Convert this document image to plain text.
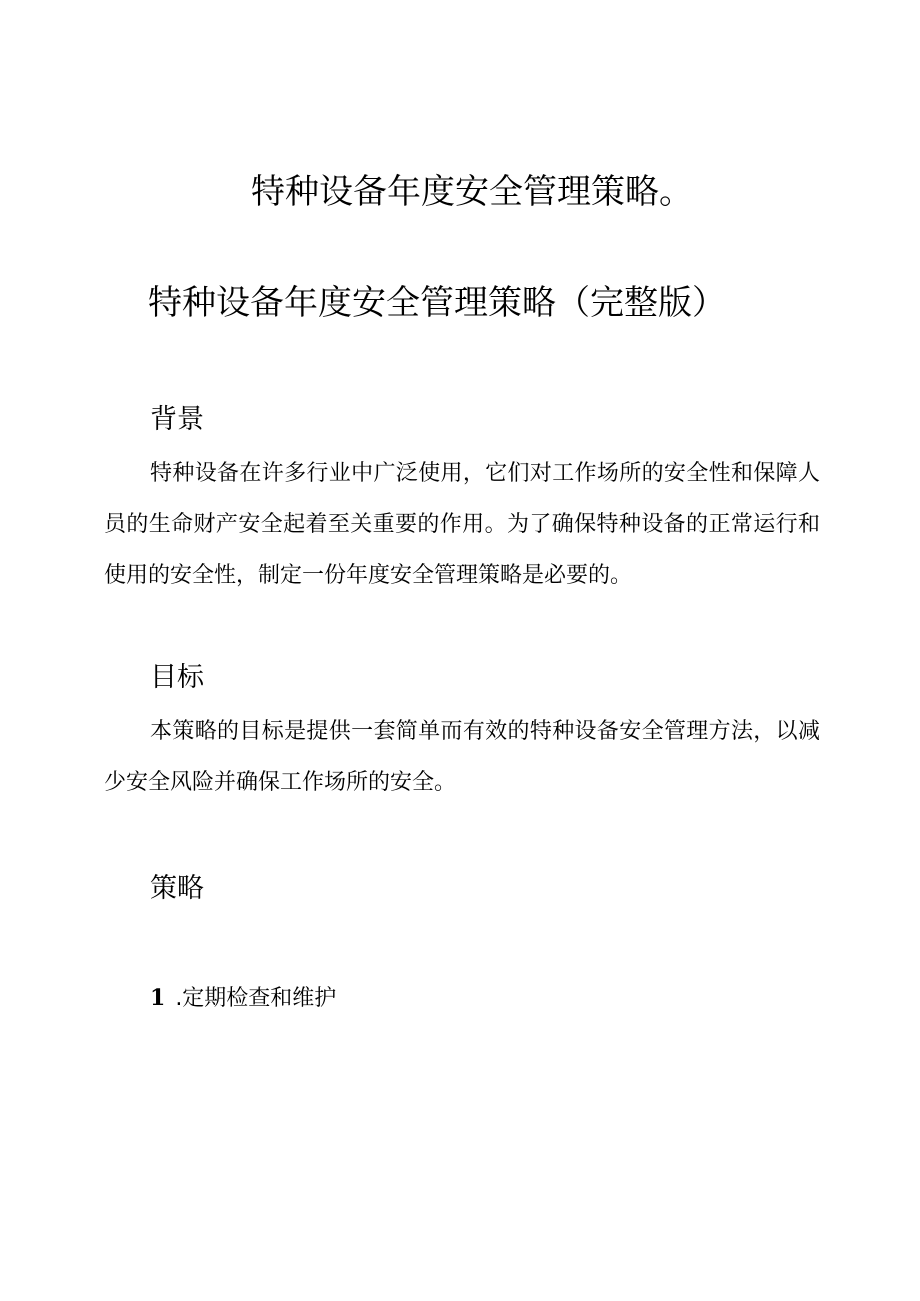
特种设备年度安全管理策略。
特种设备年度安全管理策略（完整版）
背景

特种设备在许多行业中广泛使用，它们对工作场所的安全性和保障人员的生命财产安全起着至关重要的作用。为了确保特种设备的正常运行和使用的安全性，制定一份年度安全管理策略是必要的。

目标

本策略的目标是提供一套简单而有效的特种设备安全管理方法，以减少安全风险并确保工作场所的安全。

策略

1 .定期检查和维护
